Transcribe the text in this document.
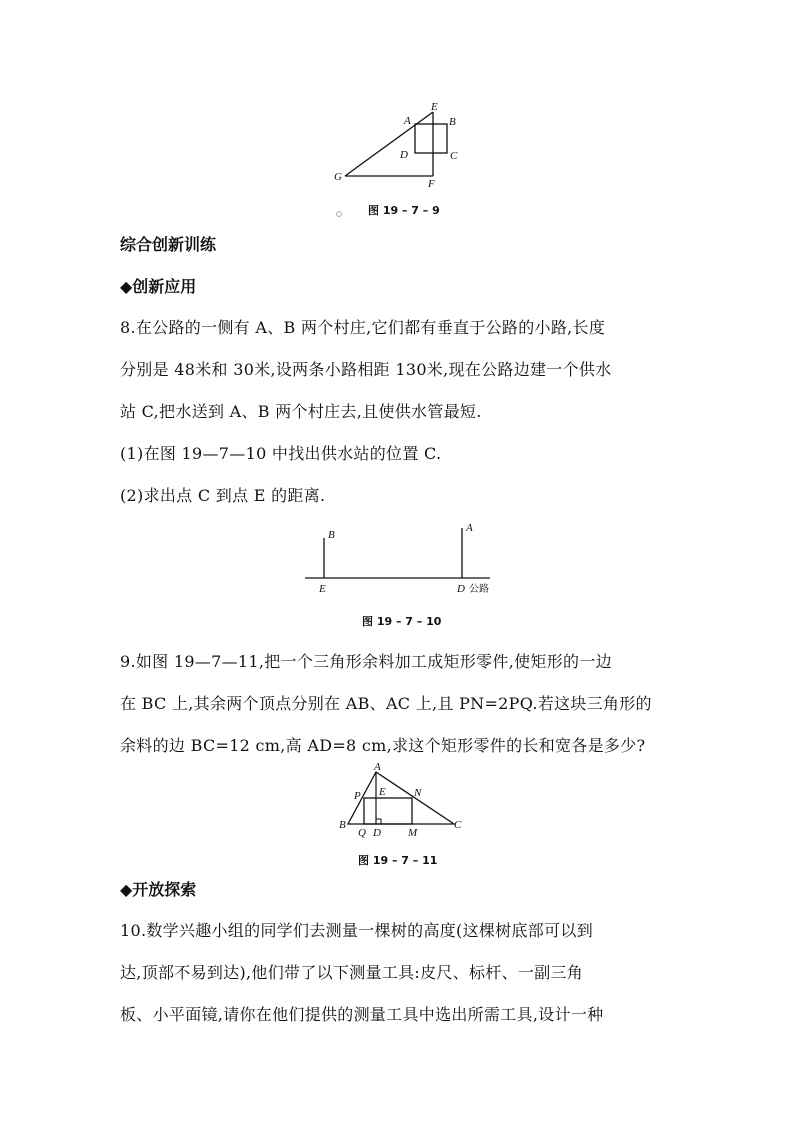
E
A	B
D	C
F
G
图 19 – 7 – 9
综合创新训练
◆创新应用
8.在公路的一侧有 A、B 两个村庄,它们都有垂直于公路的小路,长度
分别是 48米和 30米,设两条小路相距 130米,现在公路边建一个供水
站 C,把水送到 A、B 两个村庄去,且使供水管最短.
(1)在图 19—7—10 中找出供水站的位置 C.
(2)求出点 C 到点 E 的距离.
B
A
E	D 公路
图 19 – 7 – 10
9.如图 19—7—11,把一个三角形余料加工成矩形零件,使矩形的一边
在 BC 上,其余两个顶点分别在 AB、AC 上,且 PN=2PQ.若这块三角形的
余料的边 BC=12 cm,高 AD=8 cm,求这个矩形零件的长和宽各是多少?
A
P E	N
B
Q D M
C
图 19 – 7 – 11
◆开放探索
10.数学兴趣小组的同学们去测量一棵树的高度(这棵树底部可以到
达,顶部不易到达),他们带了以下测量工具:皮尺、标杆、一副三角
板、小平面镜,请你在他们提供的测量工具中选出所需工具,设计一种
